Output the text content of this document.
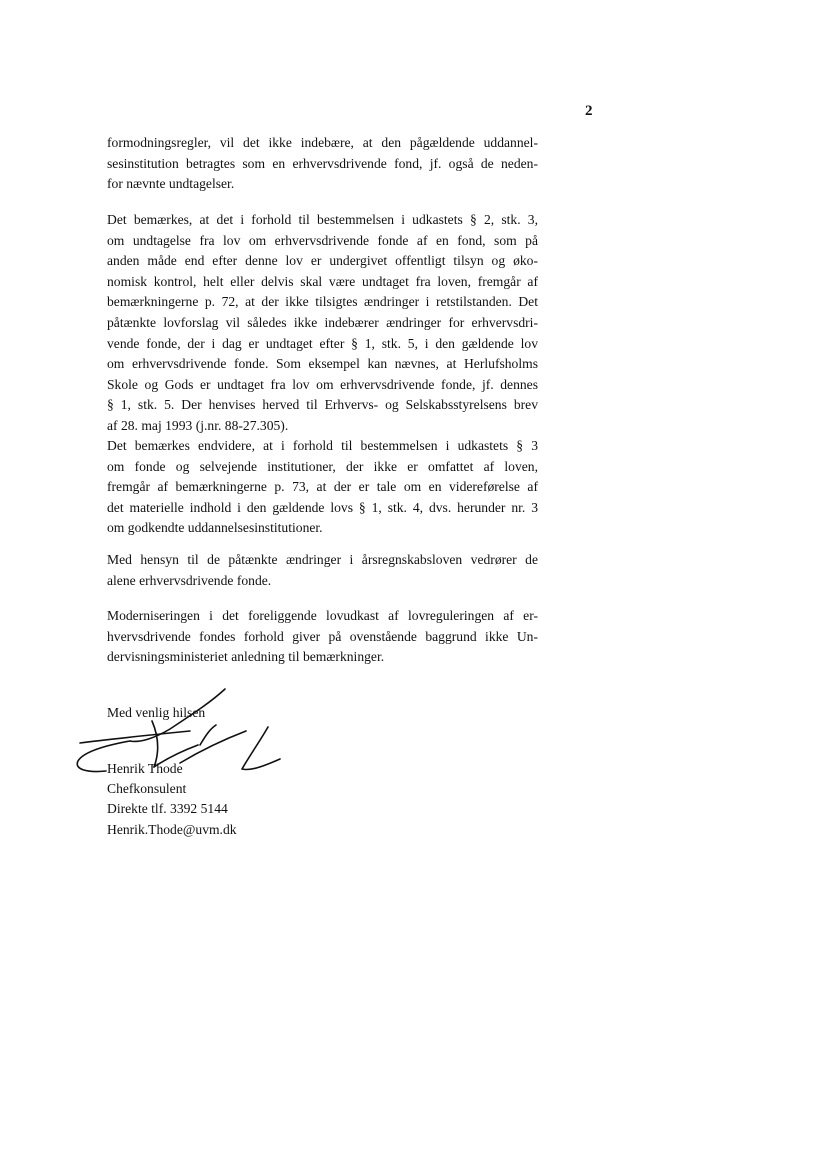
2
formodningsregler, vil det ikke indebære, at den pågældende uddannel-
sesinstitution betragtes som en erhvervsdrivende fond, jf. også de neden-
for nævnte undtagelser.
Det bemærkes, at det i forhold til bestemmelsen i udkastets § 2, stk. 3,
om undtagelse fra lov om erhvervsdrivende fonde af en fond, som på
anden måde end efter denne lov er undergivet offentligt tilsyn og øko-
nomisk kontrol, helt eller delvis skal være undtaget fra loven, fremgår af
bemærkningerne p. 72, at der ikke tilsigtes ændringer i retstilstanden. Det
påtænkte lovforslag vil således ikke indebærer ændringer for erhvervsdri-
vende fonde, der i dag er undtaget efter § 1, stk. 5, i den gældende lov
om erhvervsdrivende fonde. Som eksempel kan nævnes, at Herlufsholms
Skole og Gods er undtaget fra lov om erhvervsdrivende fonde, jf. dennes
§ 1, stk. 5. Der henvises herved til Erhvervs- og Selskabsstyrelsens brev
af 28. maj 1993 (j.nr. 88-27.305).
Det bemærkes endvidere, at i forhold til bestemmelsen i udkastets § 3
om fonde og selvejende institutioner, der ikke er omfattet af loven,
fremgår af bemærkningerne p. 73, at der er tale om en videreførelse af
det materielle indhold i den gældende lovs § 1, stk. 4, dvs. herunder nr. 3
om godkendte uddannelsesinstitutioner.
Med hensyn til de påtænkte ændringer i årsregnskabsloven vedrører de
alene erhvervsdrivende fonde.
Moderniseringen i det foreliggende lovudkast af lovreguleringen af er-
hvervsdrivende fondes forhold giver på ovenstående baggrund ikke Un-
dervisningsministeriet anledning til bemærkninger.
Med venlig hilsen
Henrik Thode
Chefkonsulent
Direkte tlf. 3392 5144
Henrik.Thode@uvm.dk
